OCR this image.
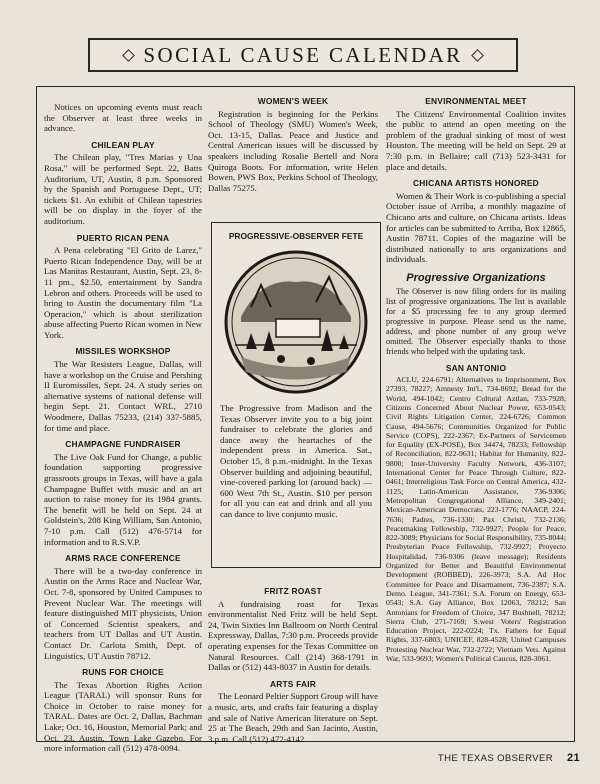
SOCIAL CAUSE CALENDAR

Notices on upcoming events must reach the Observer at least three weeks in advance.

CHILEAN PLAY

The Chilean play, "Tres Marias y Una Rosa," will be performed Sept. 22, Batts Auditorium, UT, Austin, 8 p.m. Sponsored by the Spanish and Portuguese Dept., UT; tickets $1. An exhibit of Chilean tapestries will be on display in the foyer of the auditorium.

PUERTO RICAN PENA

A Pena celebrating "El Grito de Larez," Puerto Rican Independence Day, will be at Las Manitas Restaurant, Austin, Sept. 23, 8-11 pm., $2.50, entertainment by Sandra Lebron and others. Proceeds will be used to bring to Austin the documentary film "La Operacion," which is about sterilization abuse affecting Puerto Rican women in New York.

MISSILES WORKSHOP

The War Resisters League, Dallas, will have a workshop on the Cruise and Pershing II Euromissiles, Sept. 24. A study series on alternative systems of national defense will begin Sept. 21. Contact WRL, 2710 Woodmere, Dallas 75233, (214) 337-5885, for time and place.

CHAMPAGNE FUNDRAISER

The Live Oak Fund for Change, a public foundation supporting progressive grassroots groups in Texas, will have a gala Champagne Buffet with music and an art auction to raise money for its 1984 grants. The benefit will be held on Sept. 24 at Goldstein's, 208 King William, San Antonio, 7-10 p.m. Call (512) 476-5714 for information and to R.S.V.P.

ARMS RACE CONFERENCE

There will be a two-day conference in Austin on the Arms Race and Nuclear War, Oct. 7-8, sponsored by United Campuses to Prevent Nuclear War. The meetings will feature distinguished MIT physicists, Union of Concerned Scientist speakers, and teachers from UT Dallas and UT Austin. Contact Dr. Carlota Smith, Dept. of Linguistics, UT Austin 78712.

RUNS FOR CHOICE

The Texas Abortion Rights Action League (TARAL) will sponsor Runs for Choice in October to raise money for TARAL. Dates are Oct. 2, Dallas, Bachman Lake; Oct. 16, Houston, Memorial Park; and Oct. 23, Austin, Town Lake Gazebo. For more information call (512) 478-0094.

WOMEN'S WEEK

Registration is beginning for the Perkins School of Theology (SMU) Women's Week, Oct. 13-15, Dallas. Peace and Justice and Central American issues will be discussed by speakers including Rosalie Bertell and Nora Quiroga Boots. For information, write Helen Bowen, PWS Box, Perkins School of Theology, Dallas 75275.

PROGRESSIVE-OBSERVER FETE
The Progressive from Madison and the Texas Observer invite you to a big joint fundraiser to celebrate the glories and dance away the heartaches of the independent press in America. Sat., October 15, 8 p.m.-midnight. In the Texas Observer building and adjoining beautiful, vine-covered parking lot (around back) — 600 West 7th St., Austin. $10 per person for all you can eat and drink and all you can dance to live conjunto music.
FRITZ ROAST

A fundraising roast for Texas environmentalist Ned Fritz will be held Sept. 24, Twin Sixties Inn Ballroom on North Central Expressway, Dallas, 7:30 p.m. Proceeds provide operating expenses for the Texas Committee on Natural Resources. Call (214) 368-1791 in Dallas or (512) 443-8037 in Austin for details.

ARTS FAIR

The Leonard Peltier Support Group will have a music, arts, and crafts fair featuring a display and sale of Native American literature on Sept. 25 at The Beach, 29th and San Jacinto, Austin, 3 p.m. Call (512) 472-4142.

ENVIRONMENTAL MEET

The Citizens' Environmental Coalition invites the public to attend an open meeting on the problem of the gradual sinking of most of west Houston. The meeting will be held on Sept. 29 at 7:30 p.m. in Bellaire; call (713) 523-3431 for place and details.

CHICANA ARTISTS HONORED

Women & Their Work is co-publishing a special October issue of Arriba, a monthly magazine of Chicano arts and culture, on Chicana artists. Ideas for articles can be submitted to Arriba, Box 12865, Austin 78711. Copies of the magazine will be distributed nationally to arts organizations and individuals.

Progressive Organizations

The Observer is now filing orders for its mailing list of progressive organizations. The list is available for a $5 processing fee to any group deemed progressive in purpose. Please send us the name, address, and phone number of any group we've omitted. The Observer especially thanks to those friends who helped with the updating task.

SAN ANTONIO

ACLU, 224-6791; Alternatives to Imprisonment, Box 27393, 78227; Amnesty Int'l., 734-8692; Bread for the World, 494-1042; Centro Cultural Aztlan, 733-7928; Citizens Concerned About Nuclear Power, 653-0543; Civil Rights Litigation Center, 224-6726; Common Cause, 494-5676; Communities Organized for Public Service (COPS), 222-2367; Ex-Partners of Servicemen for Equality (EX-POSE), Box 34474, 78233; Fellowship of Reconciliation, 822-9631; Habitat for Humanity, 822-9800; Inter-University Faculty Network, 436-3107; International Center for Peace Through Culture, 822-0461; Interreligious Task Force on Central America, 432-1125; Latin-American Assistance, 736-9306; Metropolitan Congregational Alliance, 349-2401; Mexican-American Democrats, 223-1776; NAACP, 224-7636; Padres, 736-1330; Pax Christi, 732-2136; Peacemaking Fellowship, 732-9927; People for Peace, 822-3089; Physicians for Social Responsibility, 735-8044; Presbyterian Peace Fellowship, 732-9927; Proyecto Hospitalidad, 736-9306 (leave message); Residents Organized for Better and Beautiful Environmental Development (ROBBED), 226-3973; S.A. Ad Hoc Committee for Peace and Disarmament, 736-2387; S.A. Demo. League, 341-7361; S.A. Forum on Energy, 653-0543; S.A. Gay Alliance, Box 12063, 78212; San Antonians for Freedom of Choice, 347 Bushnell, 78212; Sierra Club, 271-7169; S.west Voters' Registration Education Project, 222-0224; Tx. Fathers for Equal Rights, 337-6803; UNICEF, 828-4528; United Campuses Protesting Nuclear War, 732-2722; Vietnam Vets. Against War, 533-9693; Women's Political Caucus, 828-3061.

THE TEXAS OBSERVER 21
